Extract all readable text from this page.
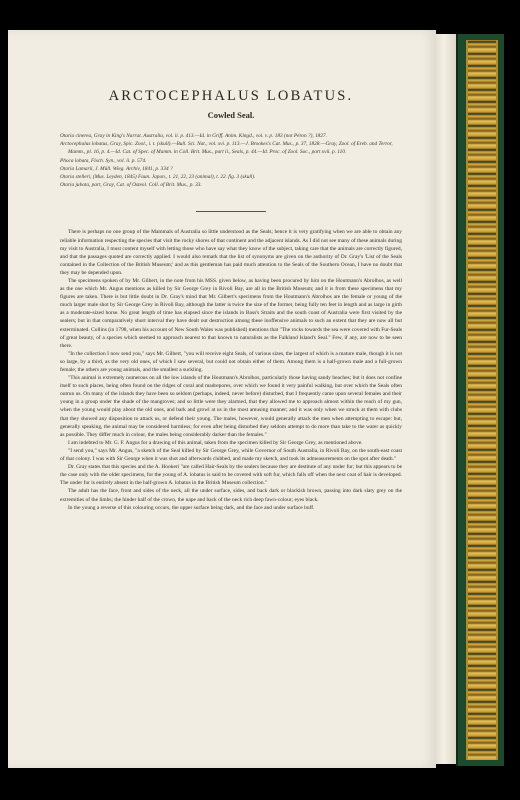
ARCTOCEPHALUS LOBATUS.
Cowled Seal.

Otaria cinerea, Gray in King's Narrat. Australia, vol. ii. p. 413.—Id. in Griff. Anim. Kingd., vol. v. p. 183 (not Péron ?), 1827.

Arctocephalus lobatus, Gray, Spic. Zool., i. t. (skull).—Bull. Sci. Nat., vol. xvi. p. 113.—J. Brookes's Cat. Mus., p. 37, 1828.—Gray, Zool. of Ereb. and Terror, Mamm., pl. 16, p. 4.—Id. Cat. of Spec. of Mamm. in Coll. Brit. Mus., part ii., Seals, p. 44.—Id. Proc. of Zool. Soc., part xvii. p. 110.

Phoca lobata, Fisch. Syn., vol. ii. p. 574.

Otaria Lamarii, J. Müll. Wieg. Archiv, 1841, p. 334 ?

Otaria stelleri, (Mus. Leyden, 1845) Faun. Japon., t. 21, 22, 23 (animal), t. 22. fig. 3 (skull).

Otaria jubata, part, Gray, Cat. of Osteol. Coll. of Brit. Mus., p. 33.

There is perhaps no one group of the Mammals of Australia so little understood as the Seals; hence it is very gratifying when we are able to obtain any reliable information respecting the species that visit the rocky shores of that continent and the adjacent islands. As I did not see many of these animals during my visit to Australia, I must content myself with letting those who have say what they know of the subject, taking care that the animals are correctly figured, and that the passages quoted are correctly applied. I would also remark that the list of synonyms are given on the authority of Dr. Gray's 'List of the Seals contained in the Collection of the British Museum;' and as this gentleman has paid much attention to the Seals of the Southern Ocean, I have no doubt that they may be depended upon.

The specimens spoken of by Mr. Gilbert, in the note from his MSS. given below, as having been procured by him on the Houtmann's Abrolhos, as well as the one which Mr. Angus mentions as killed by Sir George Grey in Rivoli Bay, are all in the British Museum; and it is from these specimens that my figures are taken. There is but little doubt in Dr. Gray's mind that Mr. Gilbert's specimens from the Houtmann's Abrolhos are the female or young of the much larger male shot by Sir George Grey in Rivoli Bay, although the latter is twice the size of the former, being fully ten feet in length and as large in girth as a moderate-sized horse. No great length of time has elapsed since the islands in Bass's Straits and the south coast of Australia were first visited by the sealers; but in that comparatively short interval they have dealt out destruction among these inoffensive animals to such an extent that they are now all but exterminated. Collins (in 1798, when his account of New South Wales was published) mentions that "The rocks towards the sea were covered with Fur-Seals of great beauty, of a species which seemed to approach nearest to that known to naturalists as the Falkland Island's Seal." Few, if any, are now to be seen there.

"In the collection I now send you," says Mr. Gilbert, "you will receive eight Seals, of various sizes, the largest of which is a mature male, though it is not so large, by a third, as the very old ones, of which I saw several, but could not obtain either of them. Among them is a half-grown male and a full-grown female; the others are young animals, and the smallest a suckling.

"This animal is extremely numerous on all the low islands of the Houtmann's Abrolhos, particularly those having sandy beaches; but it does not confine itself to such places, being often found on the ridges of coral and madrepores, over which we found it very painful walking, but over which the Seals often outrun us. On many of the islands they have been so seldom (perhaps, indeed, never before) disturbed, that I frequently came upon several females and their young in a group under the shade of the mangroves; and so little were they alarmed, that they allowed me to approach almost within the reach of my gun, when the young would play about the old ones, and bark and growl at us in the most amusing manner; and it was only when we struck at them with clubs that they showed any disposition to attack us, or defend their young. The males, however, would generally attack the men when attempting to escape: but, generally speaking, the animal may be considered harmless; for even after being disturbed they seldom attempt to do more than take to the water as quickly as possible. They differ much in colour, the males being considerably darker than the females."

I am indebted to Mr. G. F. Angus for a drawing of this animal, taken from the specimen killed by Sir George Grey, as mentioned above.

"I send you," says Mr. Angus, "a sketch of the Seal killed by Sir George Grey, while Governor of South Australia, in Rivoli Bay, on the south-east coast of that colony. I was with Sir George when it was shot and afterwards clubbed, and made my sketch, and took its admeasurements on the spot after death."

Dr. Gray states that this species and the A. Hookeri "are called Hair-Seals by the sealers because they are destitute of any under fur; but this appears to be the case only with the older specimens, for the young of A. lobatus is said to be covered with soft fur, which falls off when the next coat of hair is developed. The under fur is entirely absent in the half-grown A. lobatus in the British Museum collection."

The adult has the face, front and sides of the neck, all the under surface, sides, and back dark or blackish brown, passing into dark slaty grey on the extremities of the limbs; the hinder half of the crown, the nape and back of the neck rich deep fawn-colour; eyes black.

In the young a reverse of this colouring occurs, the upper surface being dark, and the face and under surface buff.
